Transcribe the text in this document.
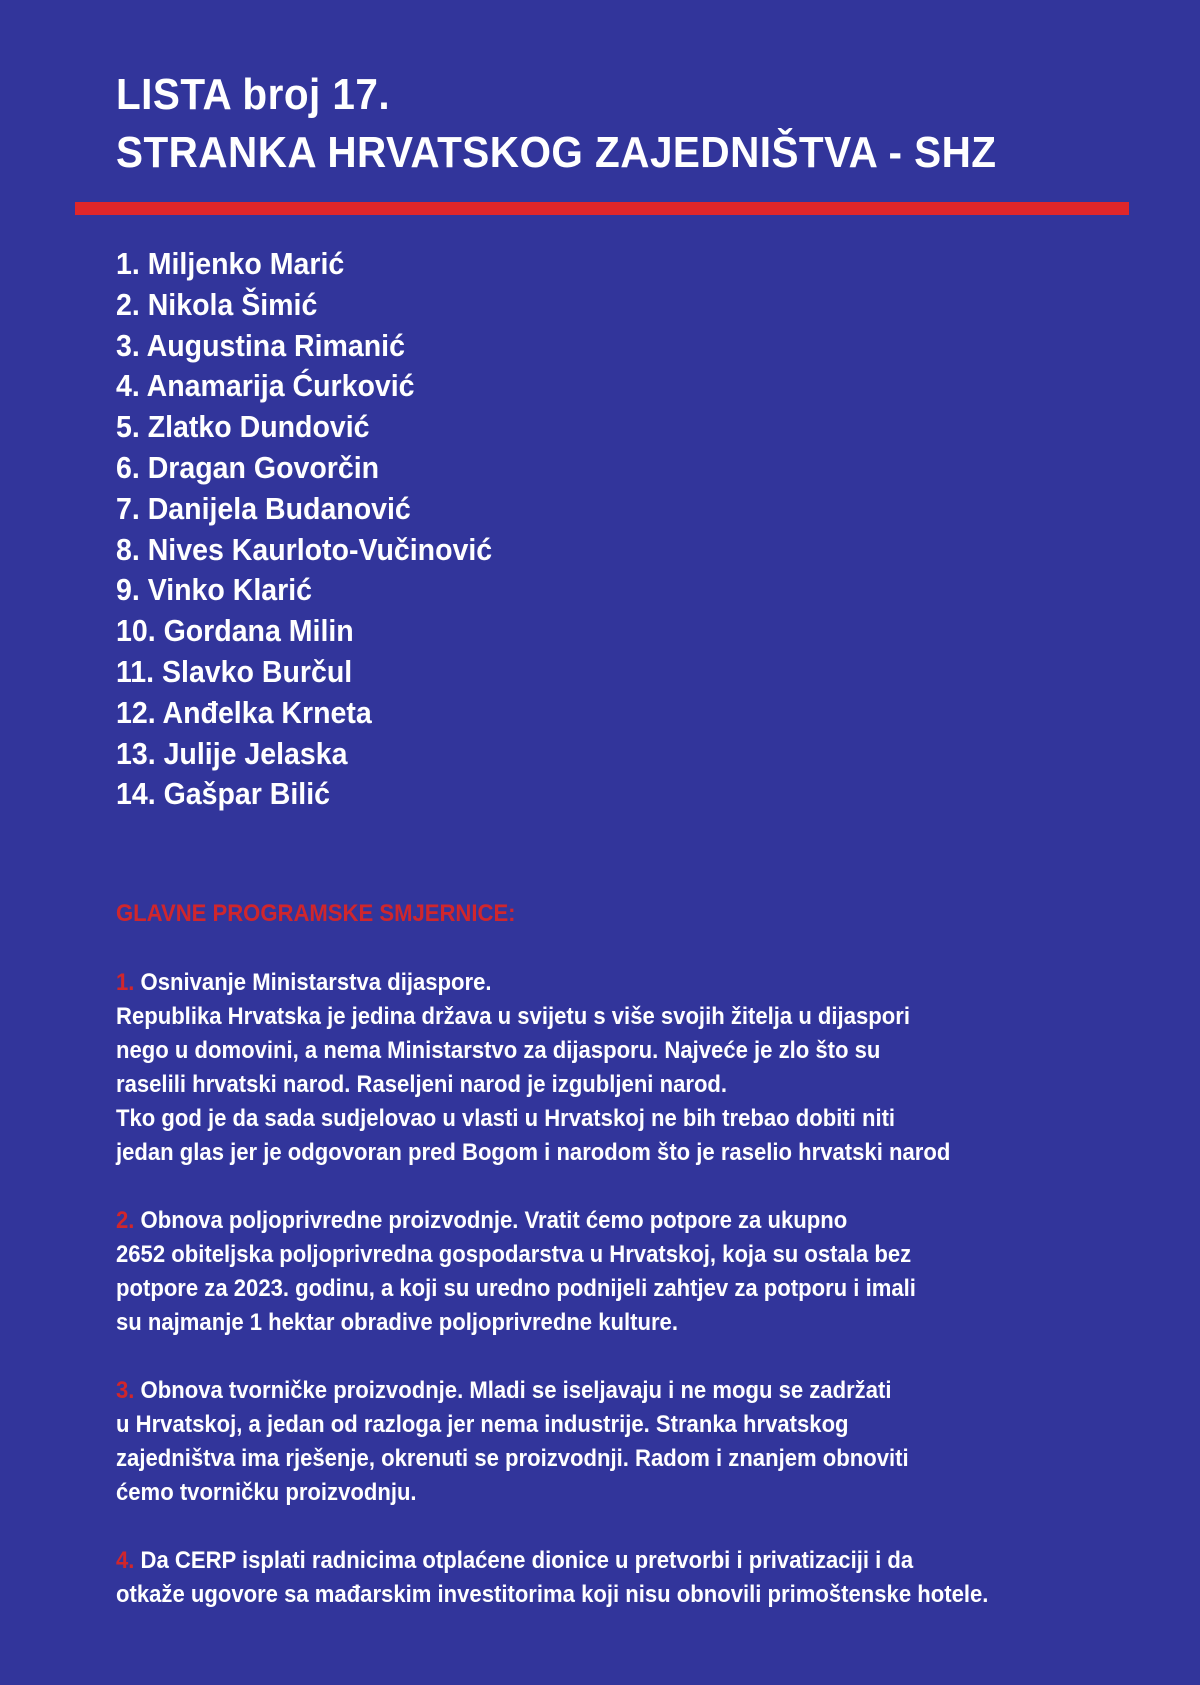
LISTA broj 17.
STRANKA HRVATSKOG ZAJEDNIŠTVA - SHZ
1. Miljenko Marić
2. Nikola Šimić
3. Augustina Rimanić
4. Anamarija Ćurković
5. Zlatko Dundović
6. Dragan Govorčin
7. Danijela Budanović
8. Nives Kaurloto-Vučinović
9. Vinko Klarić
10. Gordana Milin
11. Slavko Burčul
12. Anđelka Krneta
13. Julije Jelaska
14. Gašpar Bilić
GLAVNE PROGRAMSKE SMJERNICE:
1. Osnivanje Ministarstva dijaspore.
Republika Hrvatska je jedina država u svijetu s više svojih žitelja u dijaspori
nego u domovini, a nema Ministarstvo za dijasporu. Najveće je zlo što su
raselili hrvatski narod. Raseljeni narod je izgubljeni narod.
Tko god je da sada sudjelovao u vlasti u Hrvatskoj ne bih trebao dobiti niti
jedan glas jer je odgovoran pred Bogom i narodom što je raselio hrvatski narod
2. Obnova poljoprivredne proizvodnje. Vratit ćemo potpore za ukupno
2652 obiteljska poljoprivredna gospodarstva u Hrvatskoj, koja su ostala bez
potpore za 2023. godinu, a koji su uredno podnijeli zahtjev za potporu i imali
su najmanje 1 hektar obradive poljoprivredne kulture.
3. Obnova tvorničke proizvodnje. Mladi se iseljavaju i ne mogu se zadržati
u Hrvatskoj, a jedan od razloga jer nema industrije. Stranka hrvatskog
zajedništva ima rješenje, okrenuti se proizvodnji. Radom i znanjem obnoviti
ćemo tvorničku proizvodnju.
4. Da CERP isplati radnicima otplaćene dionice u pretvorbi i privatizaciji i da
otkaže ugovore sa mađarskim investitorima koji nisu obnovili primoštenske hotele.
